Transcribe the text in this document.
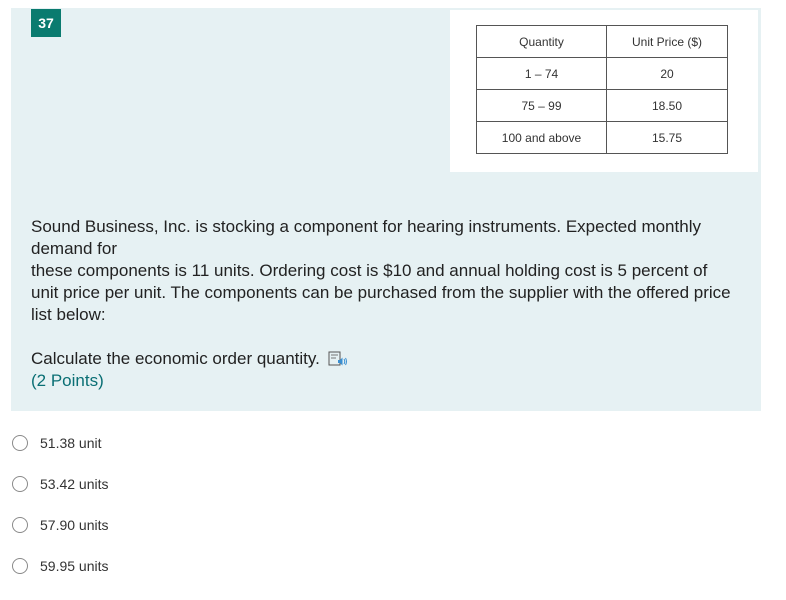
37
Quantity	Unit Price ($)
1 – 74	20
75 – 99	18.50
100 and above	15.75

Sound Business, Inc. is stocking a component for hearing instruments. Expected monthly demand for

these components is 11 units. Ordering cost is $10 and annual holding cost is 5 percent of unit price per unit. The components can be purchased from the supplier with the offered price list below:

Calculate the economic order quantity.
(2 Points)
51.38 unit
53.42 units
57.90 units
59.95 units
